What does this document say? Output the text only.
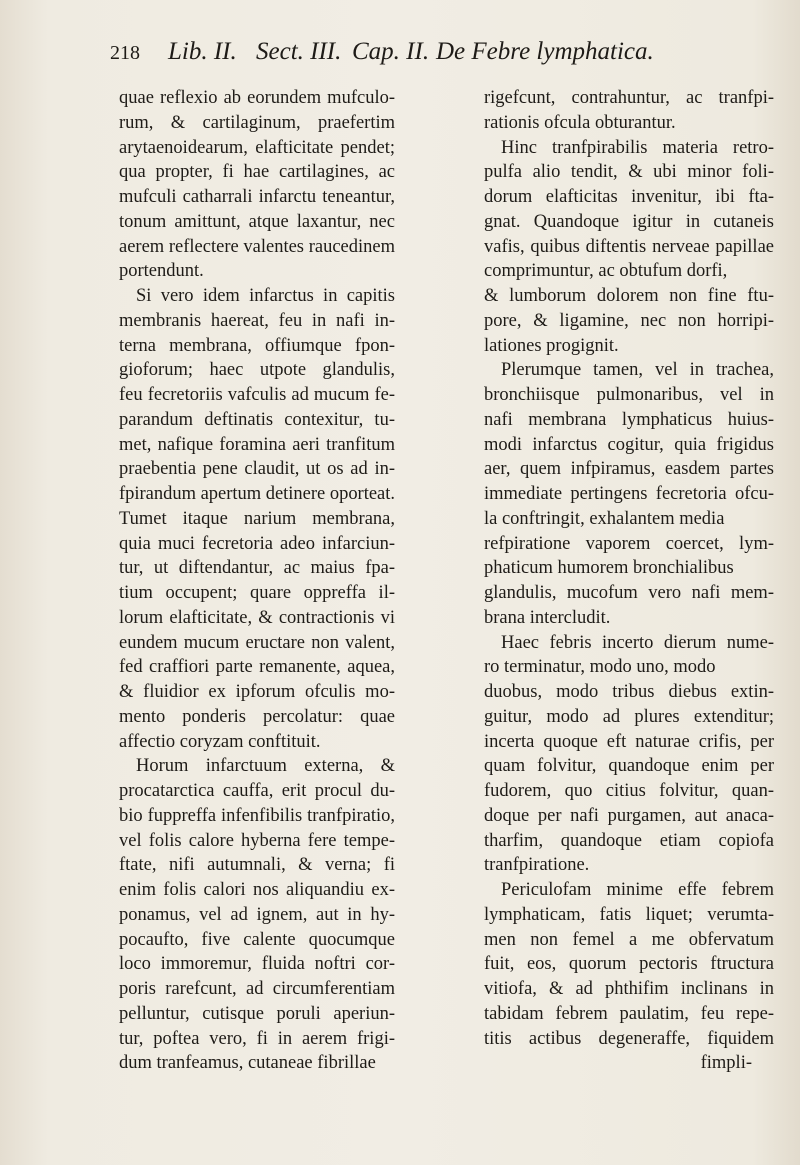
218 Lib. II. Sect. III. Cap. II. De Febre lymphatica.
quae reflexio ab eorundem mufculo-
rum, & cartilaginum, praefertim
arytaenoidearum, elafticitate pendet;
qua propter, fi hae cartilagines, ac
mufculi catharrali infarctu teneantur,
tonum amittunt, atque laxantur, nec
aerem reflectere valentes raucedinem
portendunt.
Si vero idem infarctus in capitis
membranis haereat, feu in nafi in-
terna membrana, offiumque fpon-
gioforum; haec utpote glandulis,
feu fecretoriis vafculis ad mucum fe-
parandum deftinatis contexitur, tu-
met, nafique foramina aeri tranfitum
praebentia pene claudit, ut os ad in-
fpirandum apertum detinere oporteat.
Tumet itaque narium membrana,
quia muci fecretoria adeo infarciun-
tur, ut diftendantur, ac maius fpa-
tium occupent; quare oppreffa il-
lorum elafticitate, & contractionis vi
eundem mucum eructare non valent,
fed craffiori parte remanente, aquea,
& fluidior ex ipforum ofculis mo-
mento ponderis percolatur: quae
affectio coryzam conftituit.
Horum infarctuum externa, &
procatarctica cauffa, erit procul du-
bio fuppreffa infenfibilis tranfpiratio,
vel folis calore hyberna fere tempe-
ftate, nifi autumnali, & verna; fi
enim folis calori nos aliquandiu ex-
ponamus, vel ad ignem, aut in hy-
pocaufto, five calente quocumque
loco immoremur, fluida noftri cor-
poris rarefcunt, ad circumferentiam
pelluntur, cutisque poruli aperiun-
tur, poftea vero, fi in aerem frigi-
dum tranfeamus, cutaneae fibrillae
rigefcunt, contrahuntur, ac tranfpi-
rationis ofcula obturantur.
Hinc tranfpirabilis materia retro-
pulfa alio tendit, & ubi minor foli-
dorum elafticitas invenitur, ibi fta-
gnat. Quandoque igitur in cutaneis
vafis, quibus diftentis nerveae papillae
comprimuntur, ac obtufum dorfi,
& lumborum dolorem non fine ftu-
pore, & ligamine, nec non horripi-
lationes progignit.
Plerumque tamen, vel in trachea,
bronchiisque pulmonaribus, vel in
nafi membrana lymphaticus huius-
modi infarctus cogitur, quia frigidus
aer, quem infpiramus, easdem partes
immediate pertingens fecretoria ofcu-
la conftringit, exhalantem media
refpiratione vaporem coercet, lym-
phaticum humorem bronchialibus
glandulis, mucofum vero nafi mem-
brana intercludit.
Haec febris incerto dierum nume-
ro terminatur, modo uno, modo
duobus, modo tribus diebus extin-
guitur, modo ad plures extenditur;
incerta quoque eft naturae crifis, per
quam folvitur, quandoque enim per
fudorem, quo citius folvitur, quan-
doque per nafi purgamen, aut anaca-
tharfim, quandoque etiam copiofa
tranfpiratione.
Periculofam minime effe febrem
lymphaticam, fatis liquet; verumta-
men non femel a me obfervatum
fuit, eos, quorum pectoris ftructura
vitiofa, & ad phthifim inclinans in
tabidam febrem paulatim, feu repe-
titis actibus degeneraffe, fiquidem
fimpli-
